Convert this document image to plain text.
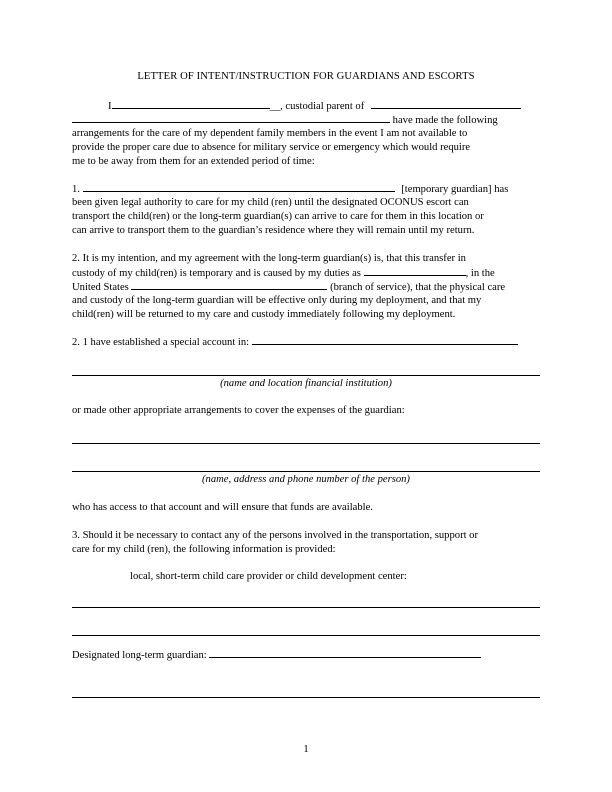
LETTER OF INTENT/INSTRUCTION FOR GUARDIANS AND ESCORTS
I	__, custodial parent of
have made the following
arrangements for the care of my dependent family members in the event I am not available to
provide the proper care due to absence for military service or emergency which would require
me to be away from them for an extended period of time:
1.	[temporary guardian] has
been given legal authority to care for my child (ren) until the designated OCONUS escort can
transport the child(ren) or the long-term guardian(s) can arrive to care for them in this location or
can arrive to transport them to the guardian’s residence where they will remain until my return.
2. It is my intention, and my agreement with the long-term guardian(s) is, that this transfer in
custody of my child(ren) is temporary and is caused by my duties as	, in the
United States	(branch of service), that the physical care
and custody of the long-term guardian will be effective only during my deployment, and that my
child(ren) will be returned to my care and custody immediately following my deployment.
2. 1 have established a special account in:
(name and location financial institution)
or made other appropriate arrangements to cover the expenses of the guardian:
(name, address and phone number of the person)
who has access to that account and will ensure that funds are available.
3. Should it be necessary to contact any of the persons involved in the transportation, support or
care for my child (ren), the following information is provided:
local, short-term child care provider or child development center:
Designated long-term guardian:
1
